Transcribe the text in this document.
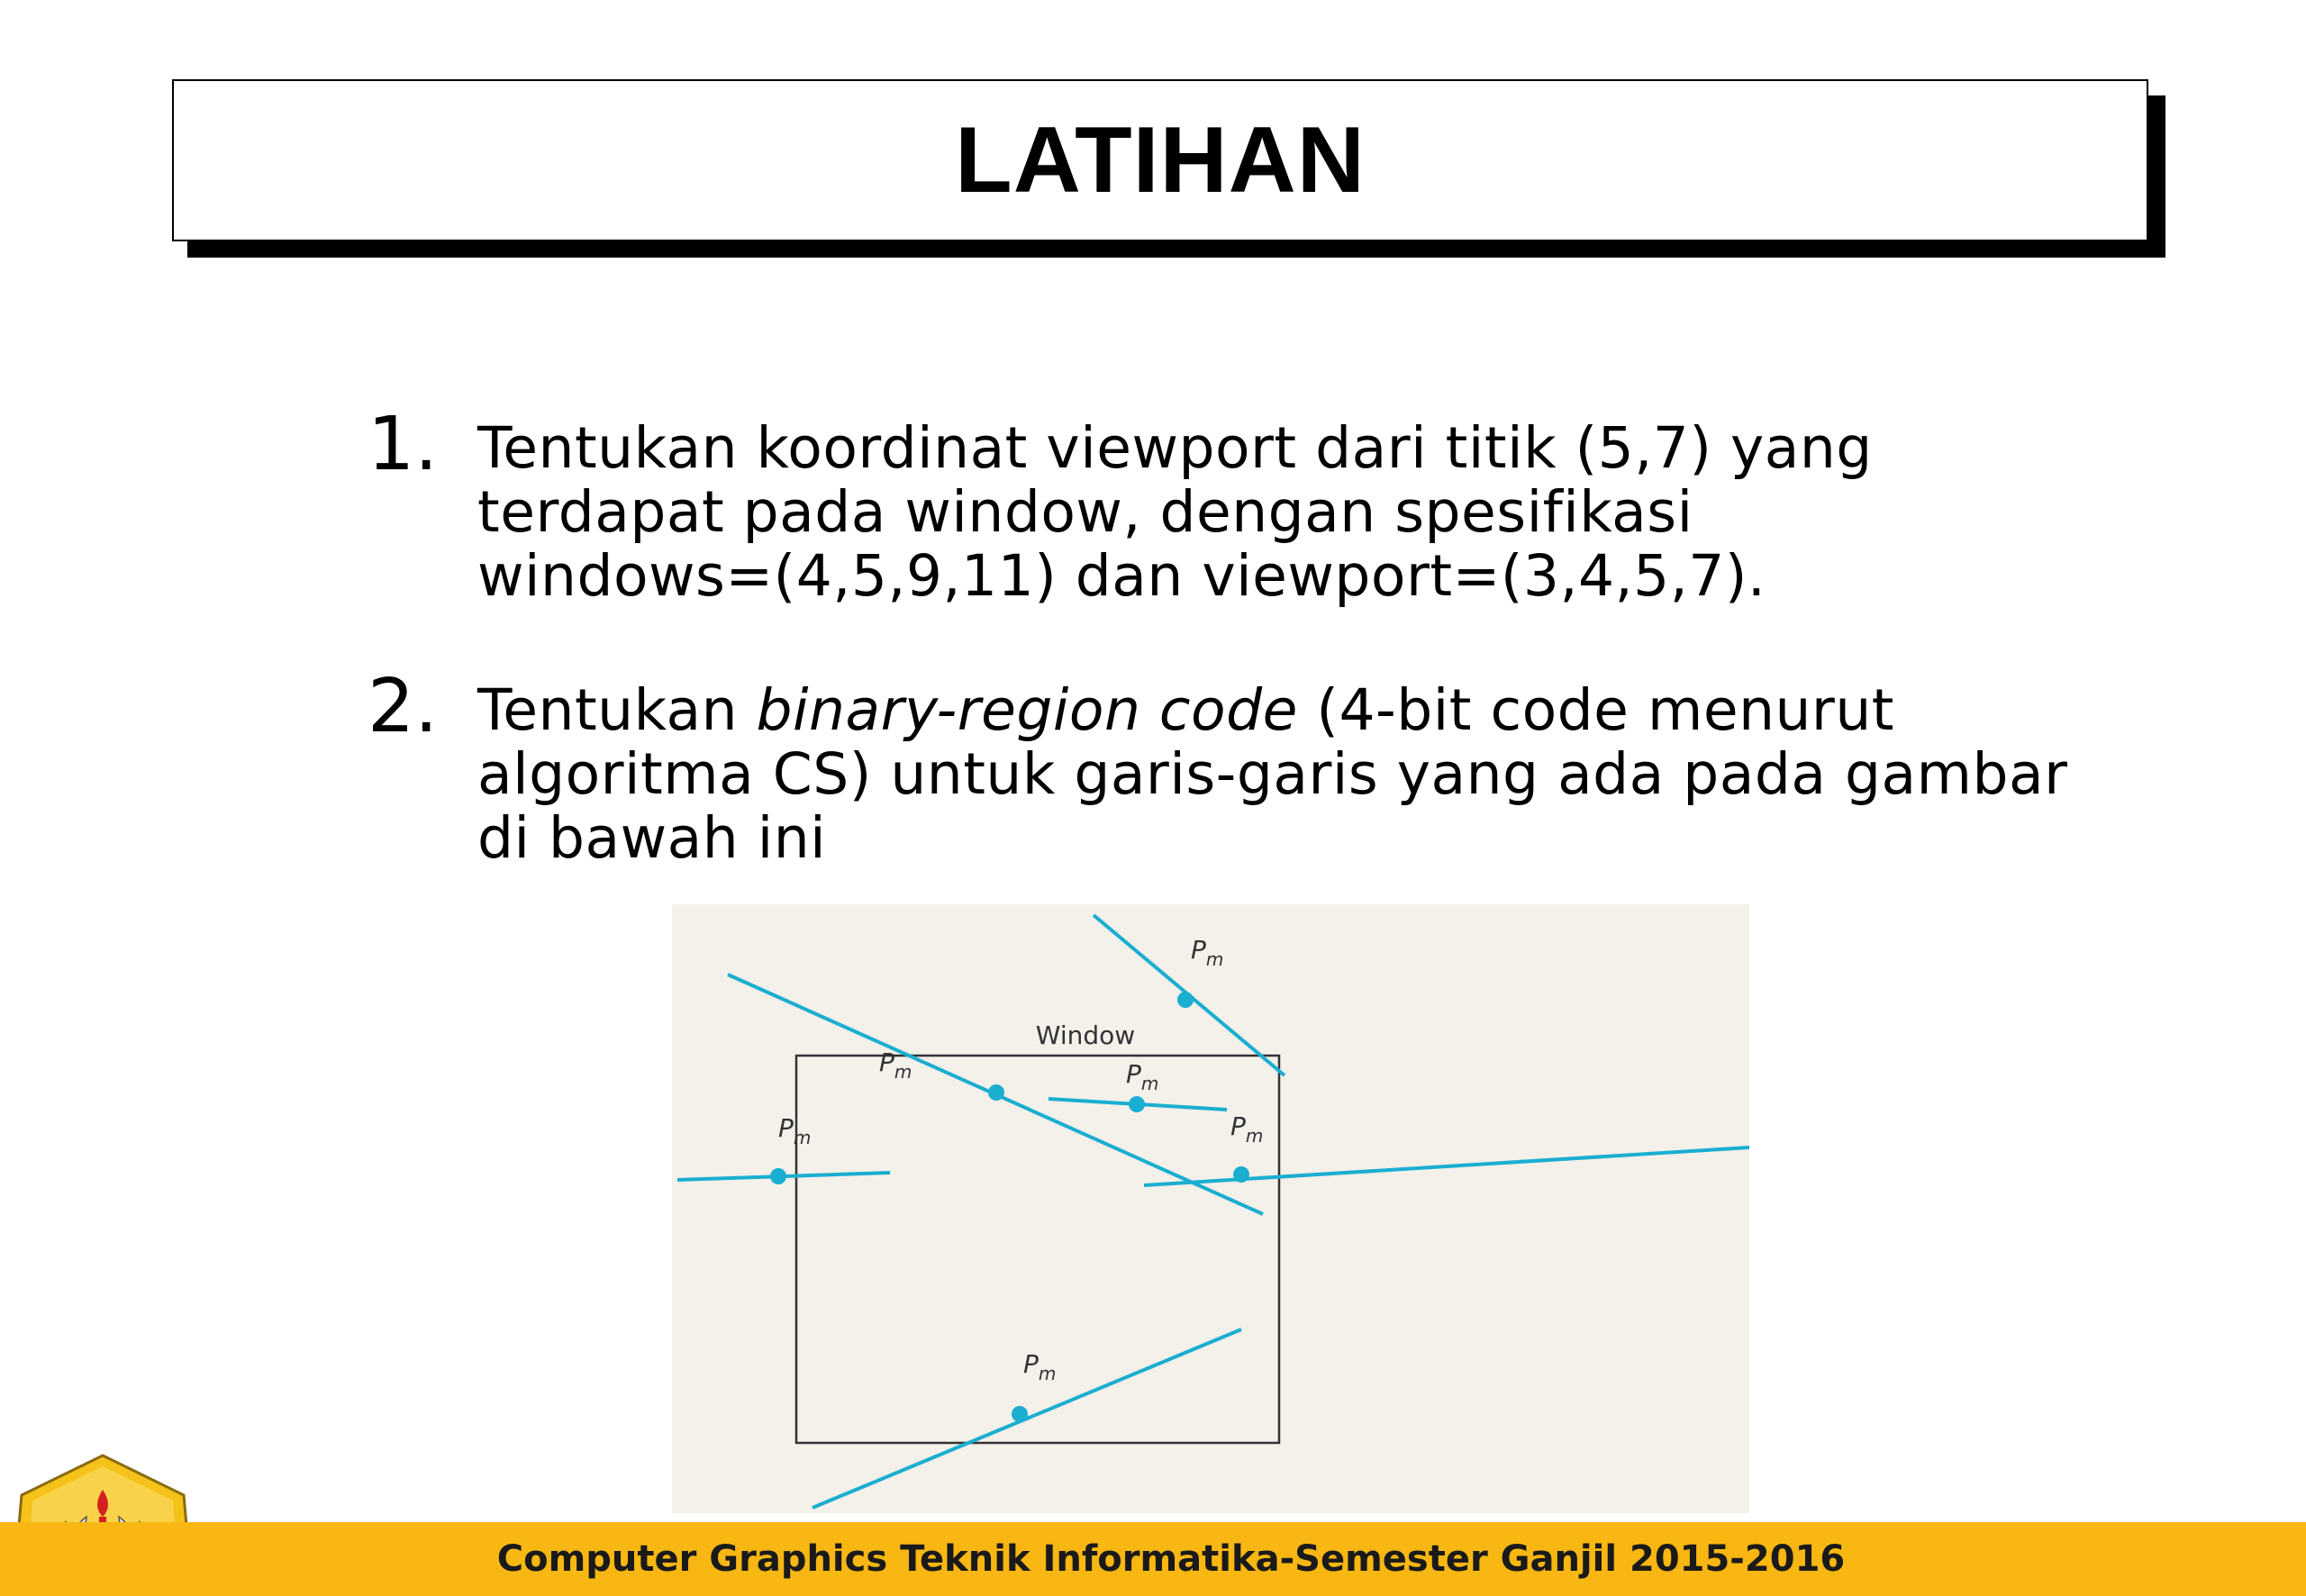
LATIHAN
1. Tentukan koordinat viewport dari titik (5,7) yang
terdapat pada window, dengan spesifikasi
windows=(4,5,9,11) dan viewport=(3,4,5,7).
2. Tentukan binary-region code (4-bit code menurut
algoritma CS) untuk garis-garis yang ada pada gambar
di bawah ini
Window
$P_m$
$P_m$
$P_m$
$P_m$
$P_m$
$P_m$
Computer Graphics Teknik Informatika-Semester Ganjil 2015-2016
